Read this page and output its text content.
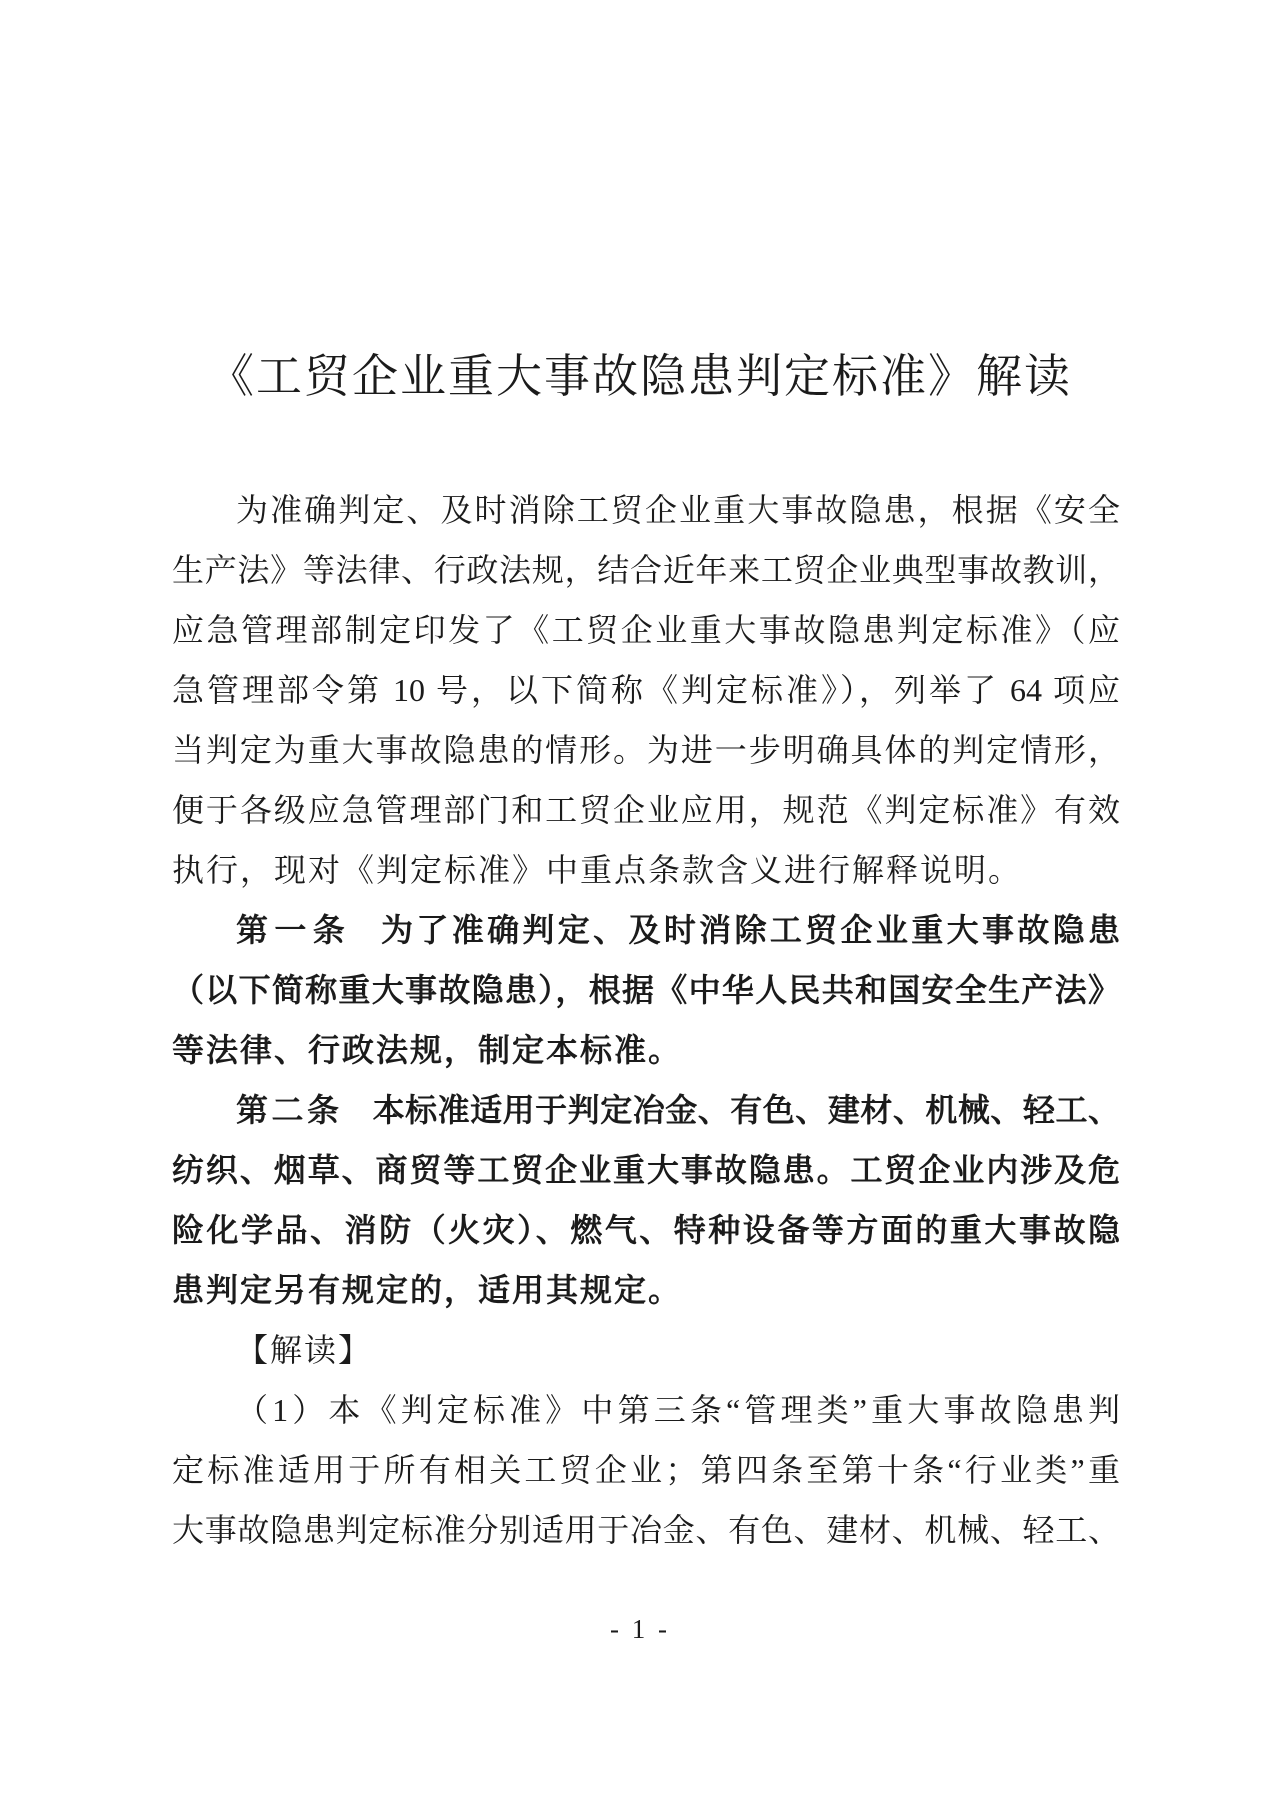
《工贸企业重大事故隐患判定标准》解读
为准确判定、及时消除工贸企业重大事故隐患，根据《安全
生产法》等法律、行政法规，结合近年来工贸企业典型事故教训，
应急管理部制定印发了《工贸企业重大事故隐患判定标准》（应
急管理部令第 10 号，以下简称《判定标准》），列举了 64 项应
当判定为重大事故隐患的情形。为进一步明确具体的判定情形，
便于各级应急管理部门和工贸企业应用，规范《判定标准》有效
执行，现对《判定标准》中重点条款含义进行解释说明。
第一条 为了准确判定、及时消除工贸企业重大事故隐患
（以下简称重大事故隐患），根据《中华人民共和国安全生产法》
等法律、行政法规，制定本标准。
第二条 本标准适用于判定冶金、有色、建材、机械、轻工、
纺织、烟草、商贸等工贸企业重大事故隐患。工贸企业内涉及危
险化学品、消防（火灾）、燃气、特种设备等方面的重大事故隐
患判定另有规定的，适用其规定。
【解读】
（1）本《判定标准》中第三条“管理类”重大事故隐患判
定标准适用于所有相关工贸企业；第四条至第十条“行业类”重
大事故隐患判定标准分别适用于冶金、有色、建材、机械、轻工、
- 1 -
